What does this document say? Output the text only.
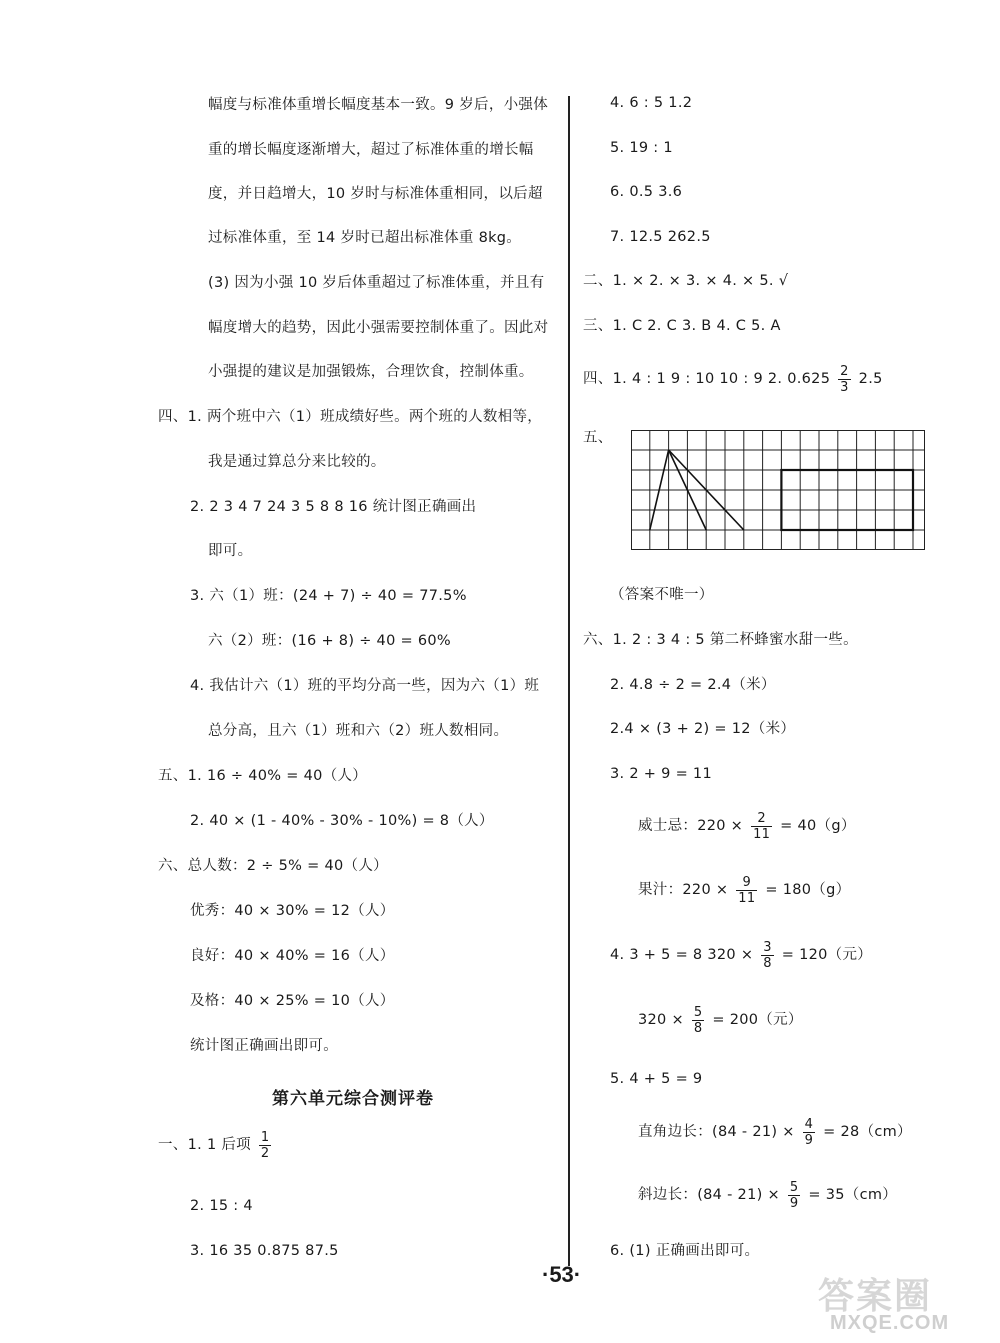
幅度与标准体重增长幅度基本一致。9 岁后，小强体
重的增长幅度逐渐增大，超过了标准体重的增长幅
度，并日趋增大，10 岁时与标准体重相同，以后超
过标准体重，至 14 岁时已超出标准体重 8kg。
(3) 因为小强 10 岁后体重超过了标准体重，并且有
幅度增大的趋势，因此小强需要控制体重了。因此对
小强提的建议是加强锻炼，合理饮食，控制体重。
四、1. 两个班中六（1）班成绩好些。两个班的人数相等，
我是通过算总分来比较的。
2. 2 3 4 7 24 3 5 8 8 16 统计图正确画出
即可。
3. 六（1）班：(24 + 7) ÷ 40 = 77.5%
六（2）班：(16 + 8) ÷ 40 = 60%
4. 我估计六（1）班的平均分高一些，因为六（1）班
总分高，且六（1）班和六（2）班人数相同。
五、1. 16 ÷ 40% = 40（人）
2. 40 × (1 - 40% - 30% - 10%) = 8（人）
六、总人数：2 ÷ 5% = 40（人）
优秀：40 × 30% = 12（人）
良好：40 × 40% = 16（人）
及格：40 × 25% = 10（人）
统计图正确画出即可。
第六单元综合测评卷
一、1. 1 后项 $\frac{1}{2}$
2. 15 : 4
3. 16 35 0.875 87.5
4. 6 : 5 1.2
5. 19 : 1
6. 0.5 3.6
7. 12.5 262.5
二、1. × 2. × 3. × 4. × 5. √
三、1. C 2. C 3. B 4. C 5. A
四、1. 4 : 1 9 : 10 10 : 9 2. $0.625 \frac{2}{3} 2.5$
五、
（答案不唯一）
六、1. 2 : 3 4 : 5 第二杯蜂蜜水甜一些。
2. 4.8 ÷ 2 = 2.4（米）
2.4 × (3 + 2) = 12（米）
3. 2 + 9 = 11
威士忌：$220 \times \frac{2}{11} = 40(g)$
果汁：$220 \times \frac{9}{11} = 180(g)$
4. 3 + 5 = 8 $320 \times \frac{3}{8} = 120$（元）
$320 \times \frac{5}{8} = 200$（元）
5. 4 + 5 = 9
直角边长：$(84 - 21) \times \frac{4}{9} = 28(cm)$
斜边长：$(84 - 21) \times \frac{5}{9} = 35(cm)$
6. (1) 正确画出即可。
·53·
答案圈
MXQE.COM
